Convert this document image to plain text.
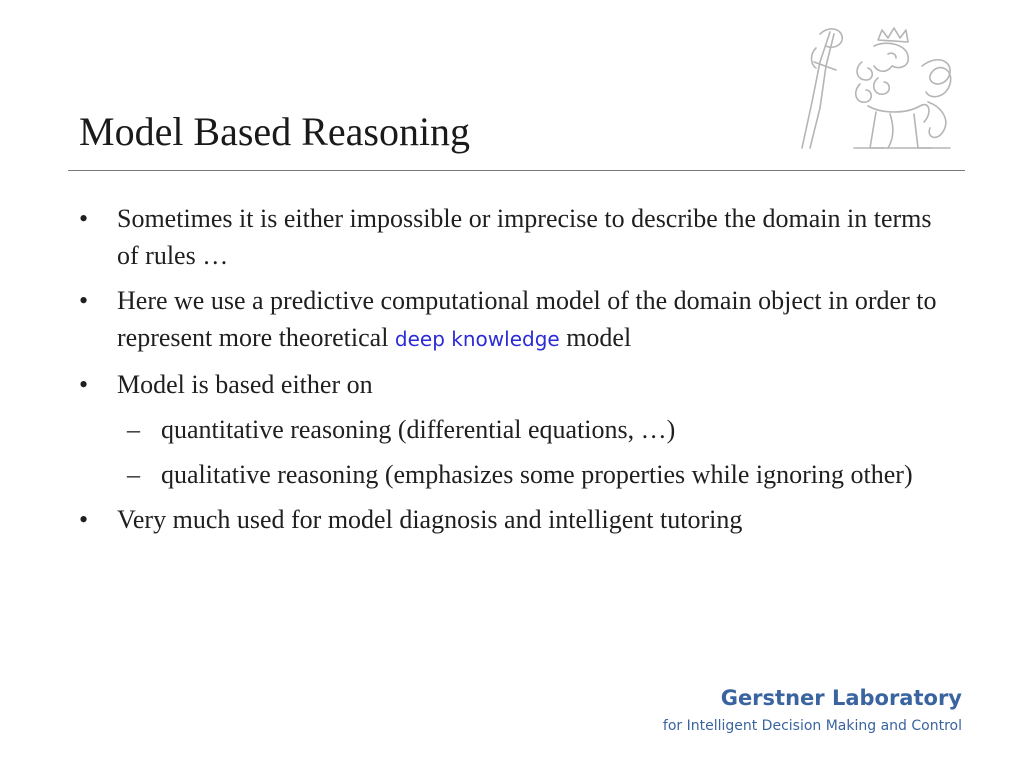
Model Based Reasoning
•	Sometimes it is either impossible or imprecise to describe the domain in terms of rules …
•	Here we use a predictive computational model of the domain object in order to represent more theoretical deep knowledge model
•	Model is based either on
– quantitative reasoning (differential equations, …)
– qualitative reasoning (emphasizes some properties while ignoring other)
•	Very much used for model diagnosis and intelligent tutoring
Gerstner Laboratory
for Intelligent Decision Making and Control
